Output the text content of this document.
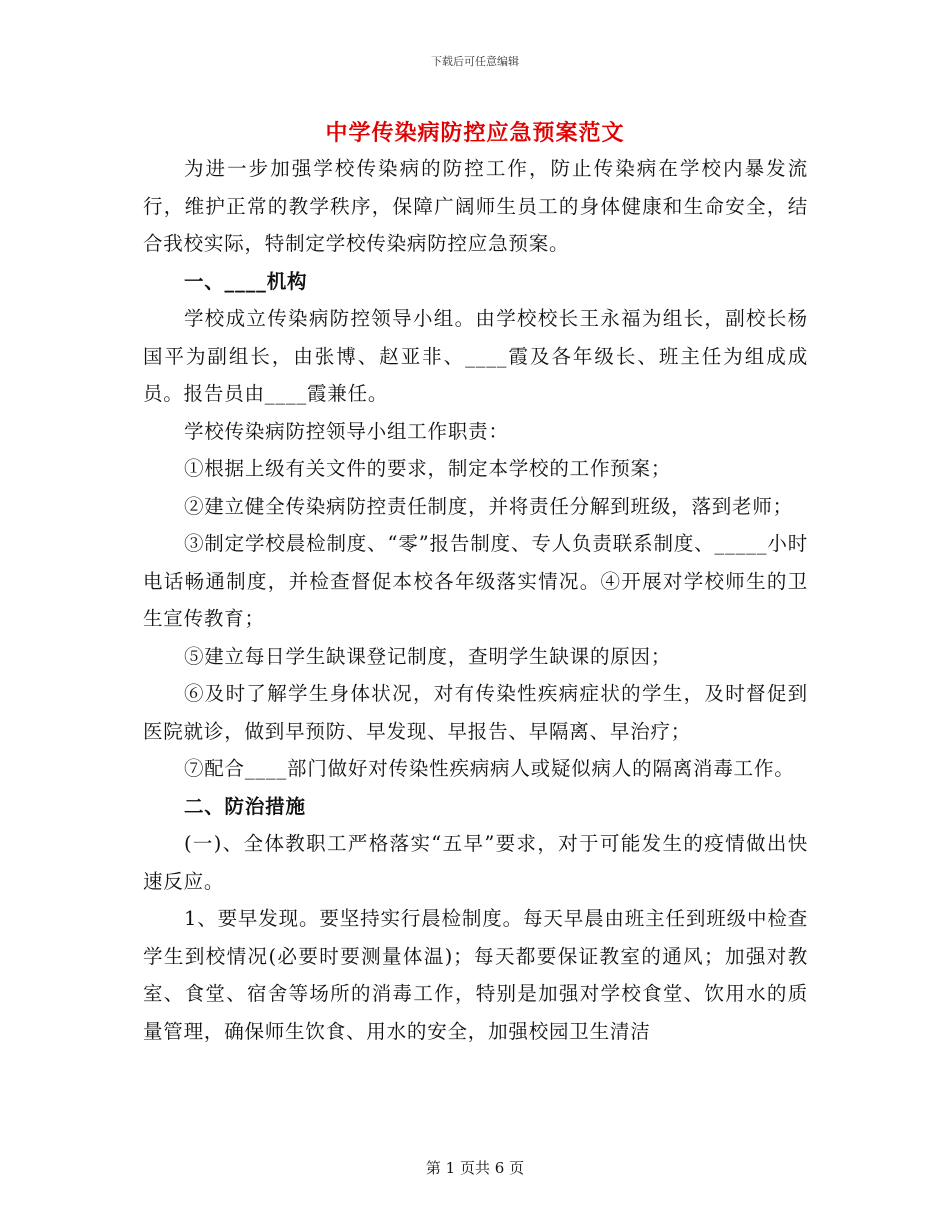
下载后可任意编辑
中学传染病防控应急预案范文

为进一步加强学校传染病的防控工作，防止传染病在学校内暴发流行，维护正常的教学秩序，保障广阔师生员工的身体健康和生命安全，结合我校实际，特制定学校传染病防控应急预案。

一、____机构

学校成立传染病防控领导小组。由学校校长王永福为组长，副校长杨国平为副组长，由张博、赵亚非、____霞及各年级长、班主任为组成成员。报告员由____霞兼任。

学校传染病防控领导小组工作职责：

①根据上级有关文件的要求，制定本学校的工作预案；

②建立健全传染病防控责任制度，并将责任分解到班级，落到老师；

③制定学校晨检制度、“零”报告制度、专人负责联系制度、_____小时电话畅通制度，并检查督促本校各年级落实情况。④开展对学校师生的卫生宣传教育；

⑤建立每日学生缺课登记制度，查明学生缺课的原因；

⑥及时了解学生身体状况，对有传染性疾病症状的学生，及时督促到医院就诊，做到早预防、早发现、早报告、早隔离、早治疗；

⑦配合____部门做好对传染性疾病病人或疑似病人的隔离消毒工作。

二、防治措施

(一)、全体教职工严格落实“五早”要求，对于可能发生的疫情做出快速反应。

1、要早发现。要坚持实行晨检制度。每天早晨由班主任到班级中检查学生到校情况(必要时要测量体温)；每天都要保证教室的通风；加强对教室、食堂、宿舍等场所的消毒工作，特别是加强对学校食堂、饮用水的质量管理，确保师生饮食、用水的安全，加强校园卫生清洁

第 1 页共 6 页
